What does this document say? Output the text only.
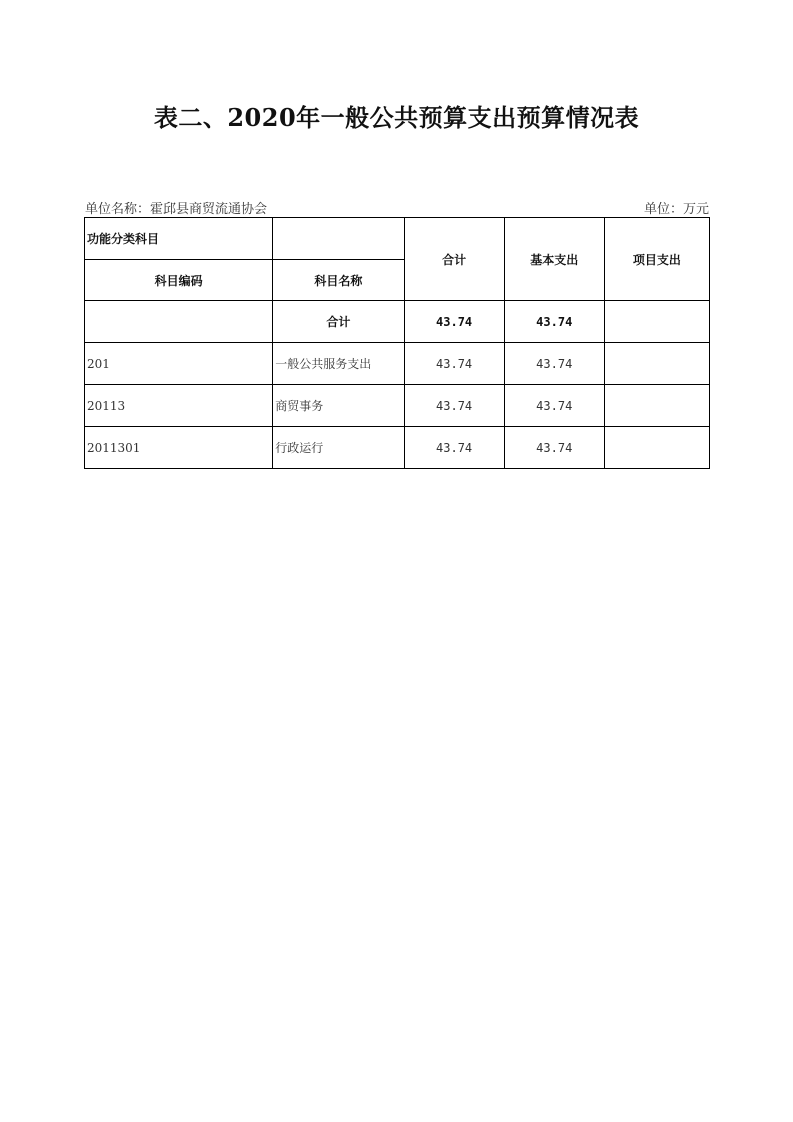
表二、2020年一般公共预算支出预算情况表
单位名称：霍邱县商贸流通协会	单位：万元
功能分类科目		合计	基本支出	项目支出
科目编码	科目名称			
	合计	43.74	43.74	
201	一般公共服务支出	43.74	43.74	
20113	商贸事务	43.74	43.74	
2011301	行政运行	43.74	43.74	
